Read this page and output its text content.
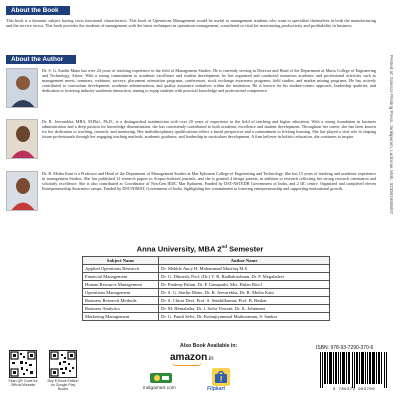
About the Book
This book is a dynamic subject having cross functional characteristic. This book of Operations Management would be useful to management students who want to specialize themselves in both the manufacturing and the service sector. This book provides the students of management with the latest techniques in operations management, considered so vital for maximizing productivity and profitability in business.
About the Author
Dr. S. G. Starlin Mano has over 24 years of teaching experience in the field of Management Studies. He is currently serving as Director and Head of the Department at Maria College of Engineering and Technology, Attoor. With a strong commitment to academic excellence and student development, he has organized and conducted numerous academic and professional activities such as management meets, seminars, webinars, surveys, placement orientation programs, conferences, stock exchange awareness programs, field studies, and market mining programs. He has actively contributed to curriculum development, academic administration, and quality assurance initiatives within the institution. He is known for his student-centric approach, leadership qualities, and dedication to fostering industry-academia interaction, aiming to equip students with practical knowledge and professional competence.
Dr. R. Jeevarekha, MBA, M.Phil., Ph.D., is a distinguished academician with over 20 years of experience in the field of teaching and higher education. With a strong foundation in business administration and a deep passion for knowledge dissemination, she has consistently contributed to both academic excellence and student development. Throughout her career, she has been known for her dedication to teaching, research, and mentoring. Her multidisciplinary qualifications reflect a broad perspective and a commitment to lifelong learning. She has played a vital role in shaping future professionals through her engaging teaching methods, academic guidance, and leadership in curriculum development. A firm believer in holistic education, she continues to inspire.
Dr. R. Metha Kani is a Professor and Head of the Department of Management Studies at Mar Ephraem College of Engineering and Technology. She has 15 years of teaching and academic experience in management Studies. She has published 12 research papers in Scopus-indexed journals, and she is granted 4 design patents, in addition to research reflecting her strong research orientation and scholarly excellence. She is also contributed as Coordinator of NewGen IEDC Mar Ephraem, Funded by DST-NSTEDB Government of India, and 2 IIC centre. Organized and completed eleven Entrepreneurship Awareness camps, Funded by DST/NIMAT, Government of India, highlighting her commitment to fostering entrepreneurship and supporting institutional growth.	Printed at: Science Printing Press, Jankipuram, Lucknow. Mob.: 9235616506/07
Anna University, MBA 2nd Semester
Subject Name	Author Name
Applied Operations Research	Dr. Mekkle Ancy H, Mohammad Musfiaq M.S
Financial Management	Dr. G. Dhinesh, Prof. (Dr.) V. R. Radhakrishnan, Dr. P. Megaladevi
Human Resource Management	Dr. Pradeep Palani, Dr. P. Ganapathi, Mrs. Bulan Rita.J
Operations Management	Dr. S. G. Starlin Mano, Dr. R. Jeevarekha, Dr. R. Metha Kani
Business Research Methods	Dr. S. Chitra Devi, Prof. S. Senthilkumar, Prof. B. Baskar
Business Analytics	Dr. M. Hemalatha, Dr. J. Sofia Vincent, Dr. K. Johnmani
Marketing Management	Dr. G. Pandi Selvi, Dr. Kolanjiyammal Muthuraman, S. Sankar
Scan QR Code for Official Website
Buy E-Book Edition on Google Play Books
Also Book Available in:
amazon.in
indigamart.com
f
Flipkart
ISBN: 978-93-7290-370-6
9 789372 903706
